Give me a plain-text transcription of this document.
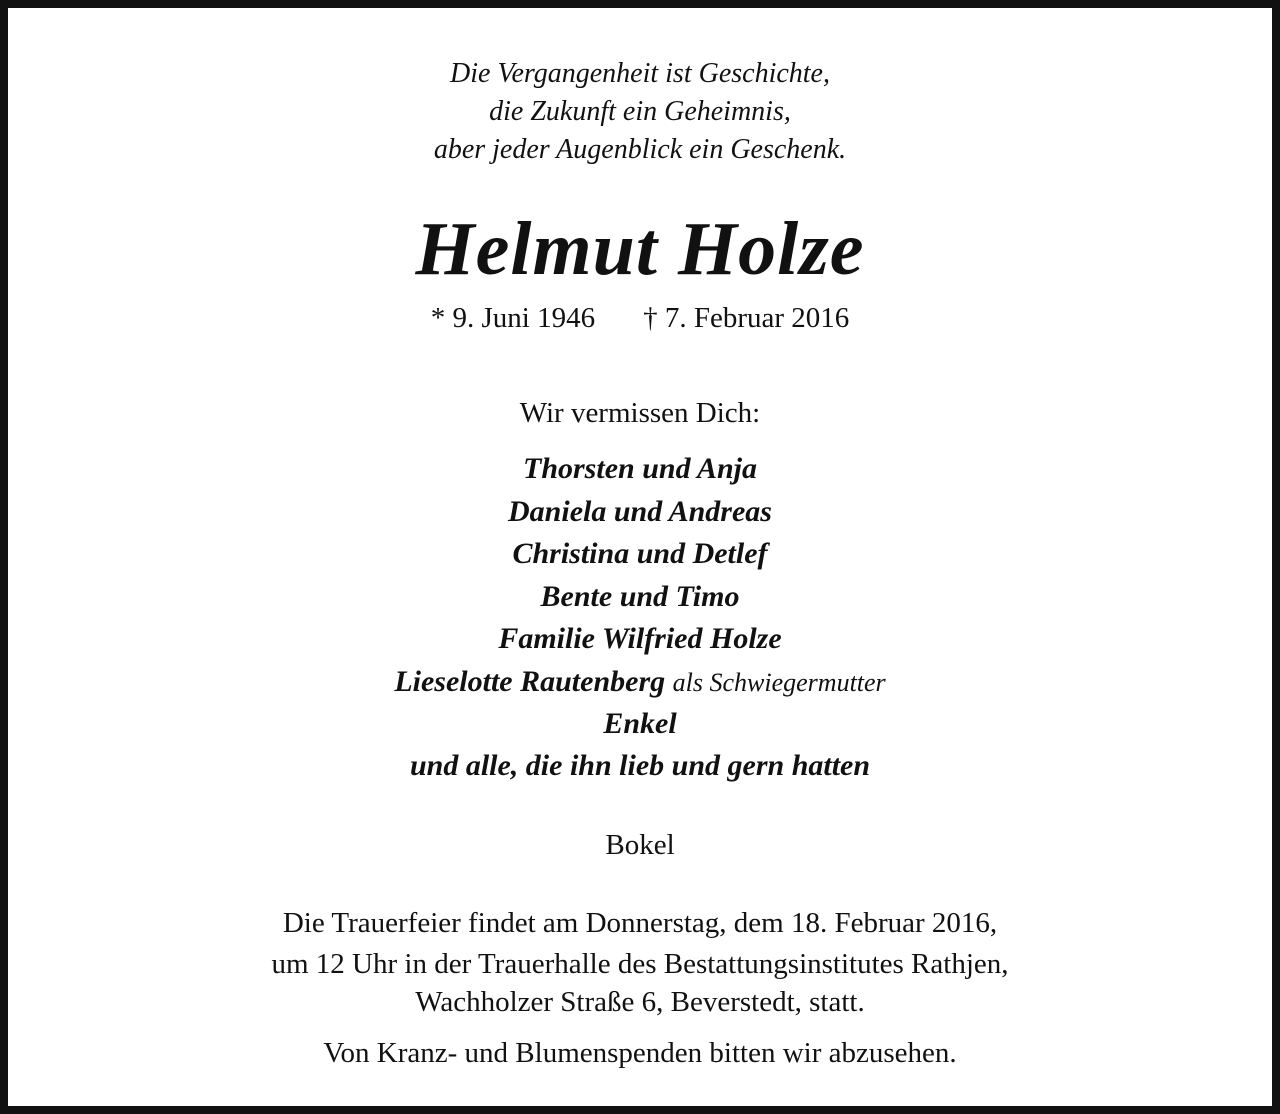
Die Vergangenheit ist Geschichte,
die Zukunft ein Geheimnis,
aber jeder Augenblick ein Geschenk.
Helmut Holze
* 9. Juni 1946 † 7. Februar 2016
Wir vermissen Dich:
Thorsten und Anja
Daniela und Andreas
Christina und Detlef
Bente und Timo
Familie Wilfried Holze
Lieselotte Rautenberg als Schwiegermutter
Enkel
und alle, die ihn lieb und gern hatten
Bokel
Die Trauerfeier findet am Donnerstag, dem 18. Februar 2016,
um 12 Uhr in der Trauerhalle des Bestattungsinstitutes Rathjen,
Wachholzer Straße 6, Beverstedt, statt.
Von Kranz- und Blumenspenden bitten wir abzusehen.
